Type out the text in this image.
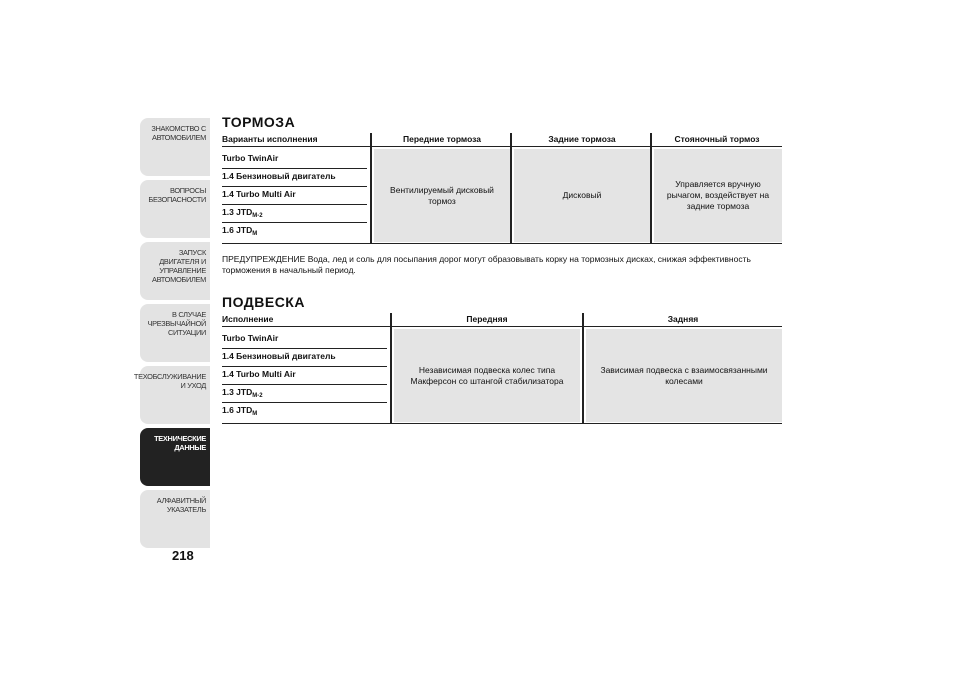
ЗНАКОМСТВО С
АВТОМОБИЛЕМ
ВОПРОСЫ
БЕЗОПАСНОСТИ
ЗАПУСК ДВИГАТЕЛЯ И
УПРАВЛЕНИЕ
АВТОМОБИЛЕМ
В СЛУЧАЕ
ЧРЕЗВЫЧАЙНОЙ
СИТУАЦИИ
ТЕХОБСЛУЖИВАНИЕ
И УХОД
ТЕХНИЧЕСКИЕ
ДАННЫЕ
АЛФАВИТНЫЙ
УКАЗАТЕЛЬ
218
ТОРМОЗА
Варианты исполнения	Передние тормоза	Задние тормоза	Стояночный тормоз
Turbo TwinAir
1.4 Бензиновый двигатель
1.4 Turbo Multi Air
1.3 $JTD_{M-2}$
1.6 $JTD_M$
Вентилируемый дисковый тормоз
Дисковый
Управляется вручную рычагом, воздействует на задние тормоза
ПРЕДУПРЕЖДЕНИЕ Вода, лед и соль для посыпания дорог могут образовывать корку на тормозных дисках, снижая эффективность торможения в начальный период.
ПОДВЕСКА
Исполнение	Передняя	Задняя
Turbo TwinAir
1.4 Бензиновый двигатель
1.4 Turbo Multi Air
1.3 $JTD_{M-2}$
1.6 $JTD_M$
Независимая подвеска колес типа Макферсон со штангой стабилизатора
Зависимая подвеска с взаимосвязанными колесами
